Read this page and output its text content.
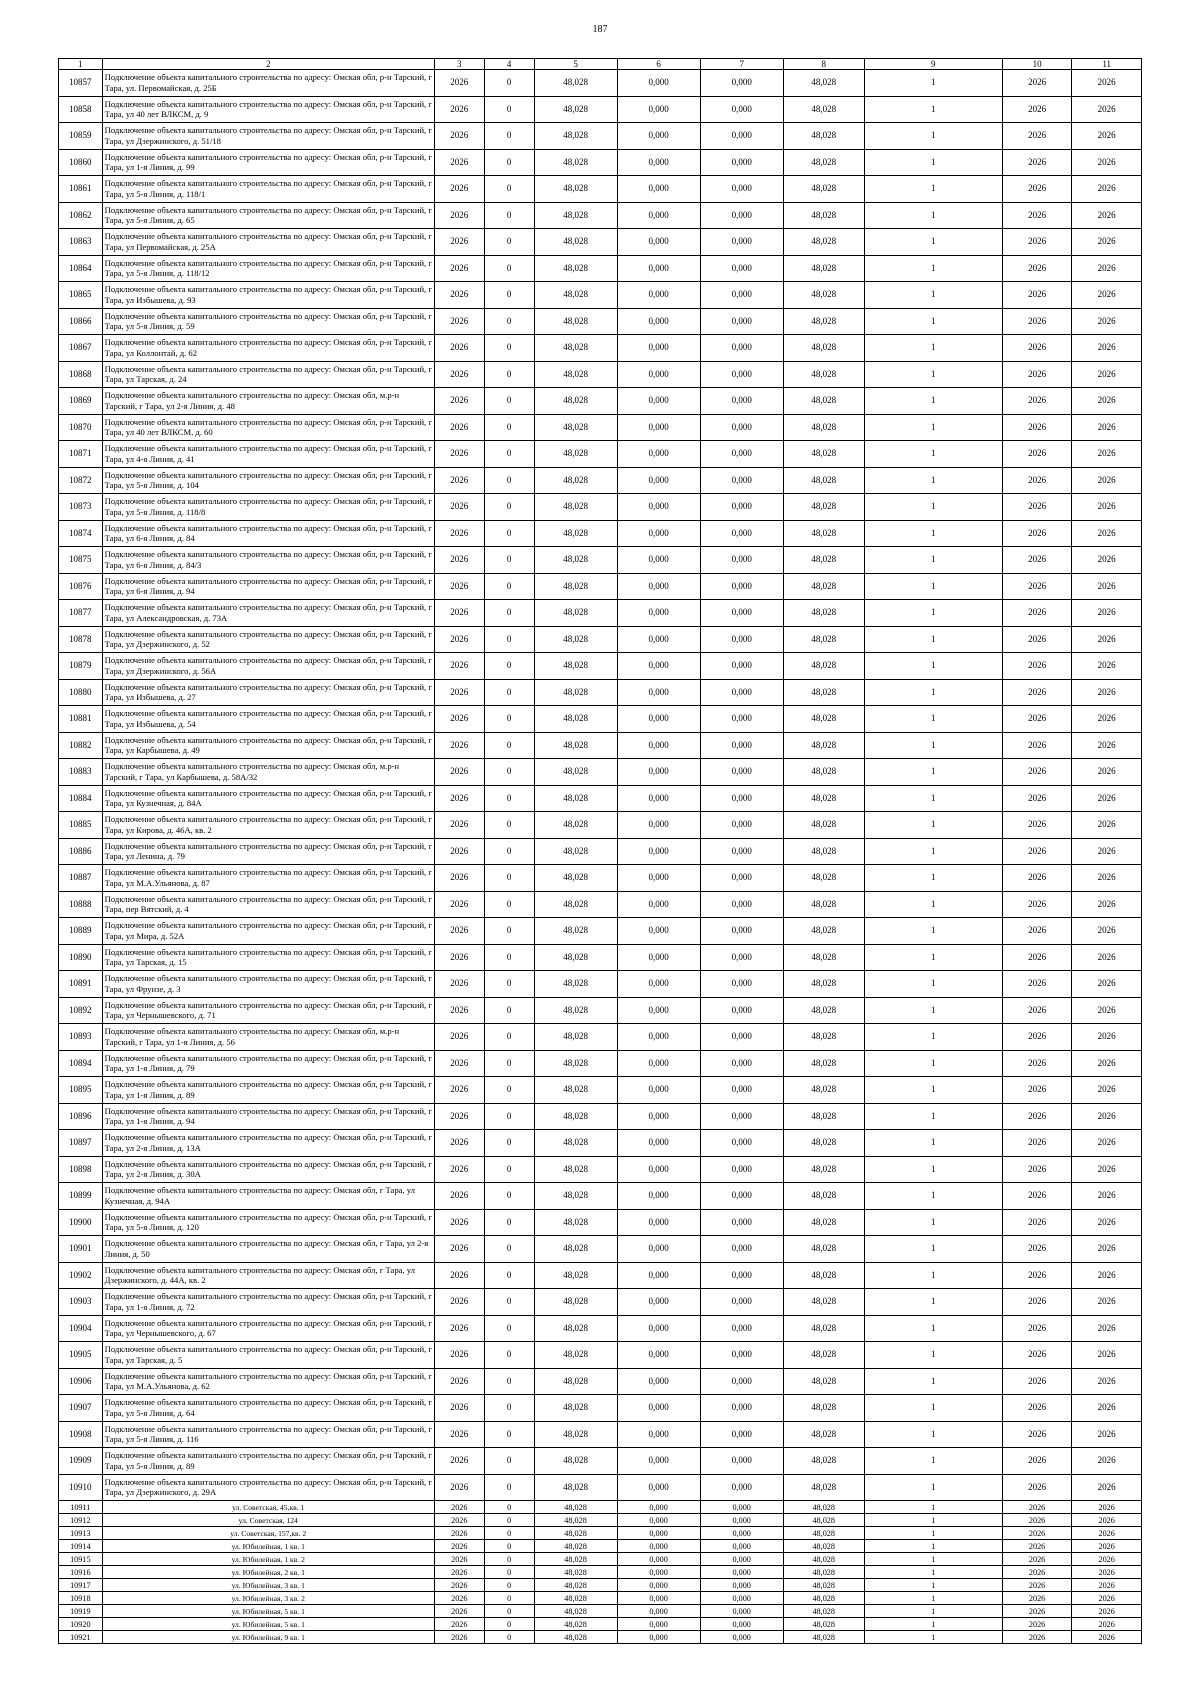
187
1	2	3	4	5	6	7	8	9	10	11
10857	Подключение объекта капитального строительства по адресу: Омская обл, р-н Тарский, г Тара, ул. Первомайская, д. 25Б	2026	0	48,028	0,000	0,000	48,028	1	2026	2026
10858	Подключение объекта капитального строительства по адресу: Омская обл, р-н Тарский, г Тара, ул 40 лет ВЛКСМ, д. 9	2026	0	48,028	0,000	0,000	48,028	1	2026	2026
10859	Подключение объекта капитального строительства по адресу: Омская обл, р-н Тарский, г Тара, ул Дзержинского, д. 51/18	2026	0	48,028	0,000	0,000	48,028	1	2026	2026
10860	Подключение объекта капитального строительства по адресу: Омская обл, р-н Тарский, г Тара, ул 1-я Линия, д. 99	2026	0	48,028	0,000	0,000	48,028	1	2026	2026
10861	Подключение объекта капитального строительства по адресу: Омская обл, р-н Тарский, г Тара, ул 5-я Линия, д. 118/1	2026	0	48,028	0,000	0,000	48,028	1	2026	2026
10862	Подключение объекта капитального строительства по адресу: Омская обл, р-н Тарский, г Тара, ул 5-я Линия, д. 65	2026	0	48,028	0,000	0,000	48,028	1	2026	2026
10863	Подключение объекта капитального строительства по адресу: Омская обл, р-н Тарский, г Тара, ул Первомайская, д. 25А	2026	0	48,028	0,000	0,000	48,028	1	2026	2026
10864	Подключение объекта капитального строительства по адресу: Омская обл, р-н Тарский, г Тара, ул 5-я Линия, д. 118/12	2026	0	48,028	0,000	0,000	48,028	1	2026	2026
10865	Подключение объекта капитального строительства по адресу: Омская обл, р-н Тарский, г Тара, ул Избышева, д. 93	2026	0	48,028	0,000	0,000	48,028	1	2026	2026
10866	Подключение объекта капитального строительства по адресу: Омская обл, р-н Тарский, г Тара, ул 5-я Линия, д. 59	2026	0	48,028	0,000	0,000	48,028	1	2026	2026
10867	Подключение объекта капитального строительства по адресу: Омская обл, р-н Тарский, г Тара, ул Коллонтай, д. 62	2026	0	48,028	0,000	0,000	48,028	1	2026	2026
10868	Подключение объекта капитального строительства по адресу: Омская обл, р-н Тарский, г Тара, ул Тарская, д. 24	2026	0	48,028	0,000	0,000	48,028	1	2026	2026
10869	Подключение объекта капитального строительства по адресу: Омская обл, м.р-н Тарский, г Тара, ул 2-я Линия, д. 48	2026	0	48,028	0,000	0,000	48,028	1	2026	2026
10870	Подключение объекта капитального строительства по адресу: Омская обл, р-н Тарский, г Тара, ул 40 лет ВЛКСМ, д. 60	2026	0	48,028	0,000	0,000	48,028	1	2026	2026
10871	Подключение объекта капитального строительства по адресу: Омская обл, р-н Тарский, г Тара, ул 4-я Линия, д. 41	2026	0	48,028	0,000	0,000	48,028	1	2026	2026
10872	Подключение объекта капитального строительства по адресу: Омская обл, р-н Тарский, г Тара, ул 5-я Линия, д. 104	2026	0	48,028	0,000	0,000	48,028	1	2026	2026
10873	Подключение объекта капитального строительства по адресу: Омская обл, р-н Тарский, г Тара, ул 5-я Линия, д. 118/8	2026	0	48,028	0,000	0,000	48,028	1	2026	2026
10874	Подключение объекта капитального строительства по адресу: Омская обл, р-н Тарский, г Тара, ул 6-я Линия, д. 84	2026	0	48,028	0,000	0,000	48,028	1	2026	2026
10875	Подключение объекта капитального строительства по адресу: Омская обл, р-н Тарский, г Тара, ул 6-я Линия, д. 84/3	2026	0	48,028	0,000	0,000	48,028	1	2026	2026
10876	Подключение объекта капитального строительства по адресу: Омская обл, р-н Тарский, г Тара, ул 6-я Линия, д. 94	2026	0	48,028	0,000	0,000	48,028	1	2026	2026
10877	Подключение объекта капитального строительства по адресу: Омская обл, р-н Тарский, г Тара, ул Александровская, д. 73А	2026	0	48,028	0,000	0,000	48,028	1	2026	2026
10878	Подключение объекта капитального строительства по адресу: Омская обл, р-н Тарский, г Тара, ул Дзержинского, д. 52	2026	0	48,028	0,000	0,000	48,028	1	2026	2026
10879	Подключение объекта капитального строительства по адресу: Омская обл, р-н Тарский, г Тара, ул Дзержинского, д. 56А	2026	0	48,028	0,000	0,000	48,028	1	2026	2026
10880	Подключение объекта капитального строительства по адресу: Омская обл, р-н Тарский, г Тара, ул Избышева, д. 27	2026	0	48,028	0,000	0,000	48,028	1	2026	2026
10881	Подключение объекта капитального строительства по адресу: Омская обл, р-н Тарский, г Тара, ул Избышева, д. 54	2026	0	48,028	0,000	0,000	48,028	1	2026	2026
10882	Подключение объекта капитального строительства по адресу: Омская обл, р-н Тарский, г Тара, ул Карбышева, д. 49	2026	0	48,028	0,000	0,000	48,028	1	2026	2026
10883	Подключение объекта капитального строительства по адресу: Омская обл, м.р-н Тарский, г Тара, ул Карбышева, д. 58А/32	2026	0	48,028	0,000	0,000	48,028	1	2026	2026
10884	Подключение объекта капитального строительства по адресу: Омская обл, р-н Тарский, г Тара, ул Кузнечная, д. 84А	2026	0	48,028	0,000	0,000	48,028	1	2026	2026
10885	Подключение объекта капитального строительства по адресу: Омская обл, р-н Тарский, г Тара, ул Кирова, д. 46А, кв. 2	2026	0	48,028	0,000	0,000	48,028	1	2026	2026
10886	Подключение объекта капитального строительства по адресу: Омская обл, р-н Тарский, г Тара, ул Ленина, д. 79	2026	0	48,028	0,000	0,000	48,028	1	2026	2026
10887	Подключение объекта капитального строительства по адресу: Омская обл, р-н Тарский, г Тара, ул М.А.Ульянова, д. 87	2026	0	48,028	0,000	0,000	48,028	1	2026	2026
10888	Подключение объекта капитального строительства по адресу: Омская обл, р-н Тарский, г Тара, пер Вятский, д. 4	2026	0	48,028	0,000	0,000	48,028	1	2026	2026
10889	Подключение объекта капитального строительства по адресу: Омская обл, р-н Тарский, г Тара, ул Мира, д. 52А	2026	0	48,028	0,000	0,000	48,028	1	2026	2026
10890	Подключение объекта капитального строительства по адресу: Омская обл, р-н Тарский, г Тара, ул Тарская, д. 15	2026	0	48,028	0,000	0,000	48,028	1	2026	2026
10891	Подключение объекта капитального строительства по адресу: Омская обл, р-н Тарский, г Тара, ул Фрунзе, д. 3	2026	0	48,028	0,000	0,000	48,028	1	2026	2026
10892	Подключение объекта капитального строительства по адресу: Омская обл, р-н Тарский, г Тара, ул Чернышевского, д. 71	2026	0	48,028	0,000	0,000	48,028	1	2026	2026
10893	Подключение объекта капитального строительства по адресу: Омская обл, м.р-н Тарский, г Тара, ул 1-я Линия, д. 56	2026	0	48,028	0,000	0,000	48,028	1	2026	2026
10894	Подключение объекта капитального строительства по адресу: Омская обл, р-н Тарский, г Тара, ул 1-я Линия, д. 79	2026	0	48,028	0,000	0,000	48,028	1	2026	2026
10895	Подключение объекта капитального строительства по адресу: Омская обл, р-н Тарский, г Тара, ул 1-я Линия, д. 89	2026	0	48,028	0,000	0,000	48,028	1	2026	2026
10896	Подключение объекта капитального строительства по адресу: Омская обл, р-н Тарский, г Тара, ул 1-я Линия, д. 94	2026	0	48,028	0,000	0,000	48,028	1	2026	2026
10897	Подключение объекта капитального строительства по адресу: Омская обл, р-н Тарский, г Тара, ул 2-я Линия, д. 13А	2026	0	48,028	0,000	0,000	48,028	1	2026	2026
10898	Подключение объекта капитального строительства по адресу: Омская обл, р-н Тарский, г Тара, ул 2-я Линия, д. 30А	2026	0	48,028	0,000	0,000	48,028	1	2026	2026
10899	Подключение объекта капитального строительства по адресу: Омская обл, г Тара, ул Кузнечная, д. 94А	2026	0	48,028	0,000	0,000	48,028	1	2026	2026
10900	Подключение объекта капитального строительства по адресу: Омская обл, р-н Тарский, г Тара, ул 5-я Линия, д. 120	2026	0	48,028	0,000	0,000	48,028	1	2026	2026
10901	Подключение объекта капитального строительства по адресу: Омская обл, г Тара, ул 2-я Линия, д. 50	2026	0	48,028	0,000	0,000	48,028	1	2026	2026
10902	Подключение объекта капитального строительства по адресу: Омская обл, г Тара, ул Дзержинского, д. 44А, кв. 2	2026	0	48,028	0,000	0,000	48,028	1	2026	2026
10903	Подключение объекта капитального строительства по адресу: Омская обл, р-н Тарский, г Тара, ул 1-я Линия, д. 72	2026	0	48,028	0,000	0,000	48,028	1	2026	2026
10904	Подключение объекта капитального строительства по адресу: Омская обл, р-н Тарский, г Тара, ул Чернышевского, д. 67	2026	0	48,028	0,000	0,000	48,028	1	2026	2026
10905	Подключение объекта капитального строительства по адресу: Омская обл, р-н Тарский, г Тара, ул Тарская, д. 5	2026	0	48,028	0,000	0,000	48,028	1	2026	2026
10906	Подключение объекта капитального строительства по адресу: Омская обл, р-н Тарский, г Тара, ул М.А.Ульянова, д. 62	2026	0	48,028	0,000	0,000	48,028	1	2026	2026
10907	Подключение объекта капитального строительства по адресу: Омская обл, р-н Тарский, г Тара, ул 5-я Линия, д. 64	2026	0	48,028	0,000	0,000	48,028	1	2026	2026
10908	Подключение объекта капитального строительства по адресу: Омская обл, р-н Тарский, г Тара, ул 5-я Линия, д. 116	2026	0	48,028	0,000	0,000	48,028	1	2026	2026
10909	Подключение объекта капитального строительства по адресу: Омская обл, р-н Тарский, г Тара, ул 5-я Линия, д. 89	2026	0	48,028	0,000	0,000	48,028	1	2026	2026
10910	Подключение объекта капитального строительства по адресу: Омская обл, р-н Тарский, г Тара, ул Дзержинского, д. 29А	2026	0	48,028	0,000	0,000	48,028	1	2026	2026
10911	ул. Советская, 45,кв. 1	2026	0	48,028	0,000	0,000	48,028	1	2026	2026
10912	ул. Советская, 124	2026	0	48,028	0,000	0,000	48,028	1	2026	2026
10913	ул. Советская, 157,кв. 2	2026	0	48,028	0,000	0,000	48,028	1	2026	2026
10914	ул. Юбилейная, 1 кв. 1	2026	0	48,028	0,000	0,000	48,028	1	2026	2026
10915	ул. Юбилейная, 1 кв. 2	2026	0	48,028	0,000	0,000	48,028	1	2026	2026
10916	ул. Юбилейная, 2 кв. 1	2026	0	48,028	0,000	0,000	48,028	1	2026	2026
10917	ул. Юбилейная, 3 кв. 1	2026	0	48,028	0,000	0,000	48,028	1	2026	2026
10918	ул. Юбилейная, 3 кв. 2	2026	0	48,028	0,000	0,000	48,028	1	2026	2026
10919	ул. Юбилейная, 5 кв. 1	2026	0	48,028	0,000	0,000	48,028	1	2026	2026
10920	ул. Юбилейная, 5 кв. 1	2026	0	48,028	0,000	0,000	48,028	1	2026	2026
10921	ул. Юбилейная, 9 кв. 1	2026	0	48,028	0,000	0,000	48,028	1	2026	2026
